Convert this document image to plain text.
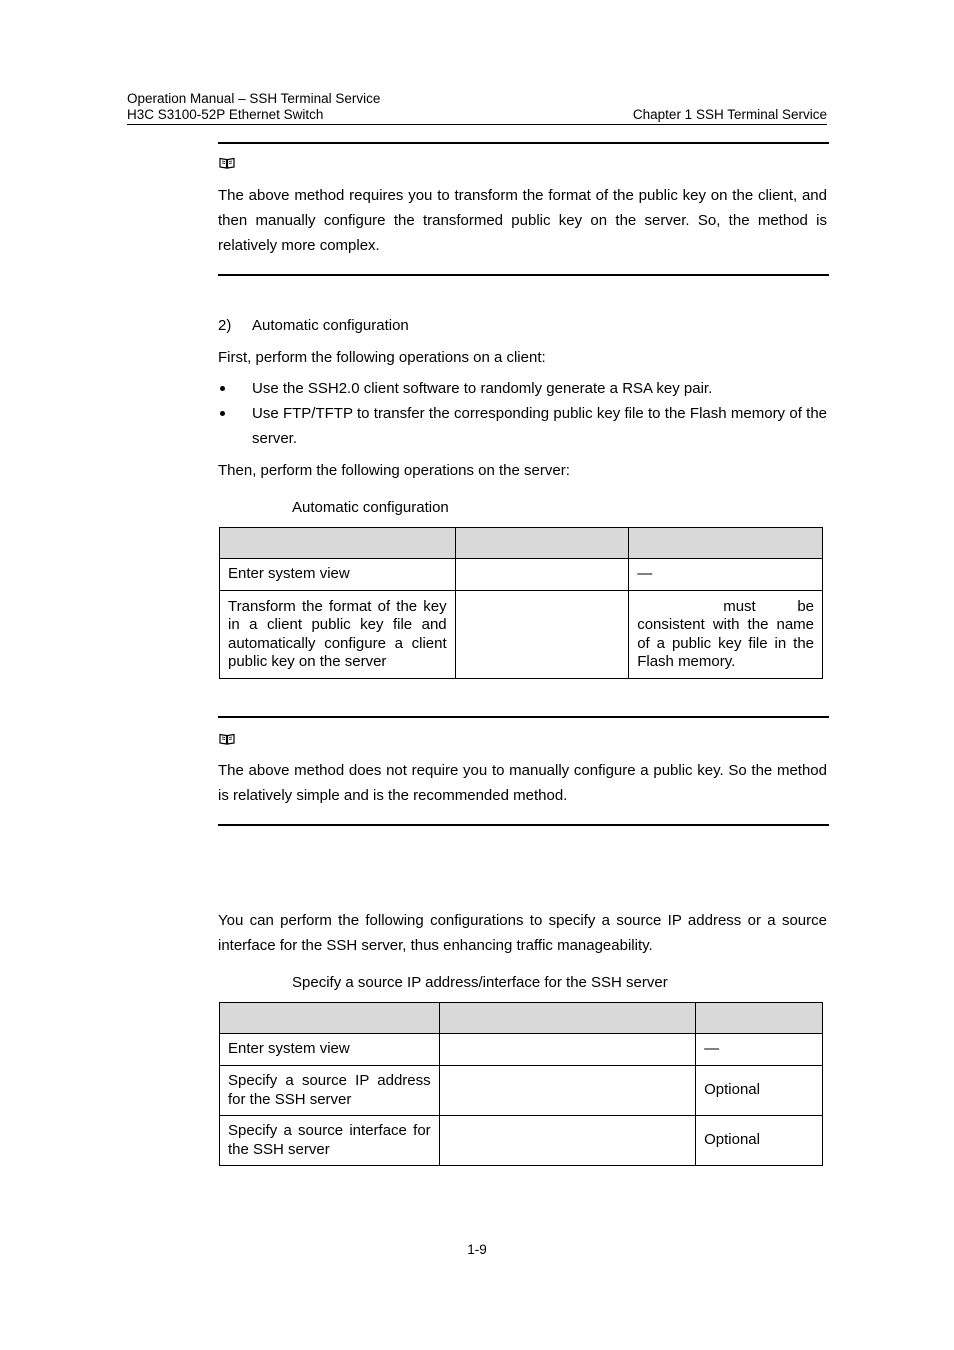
Operation Manual – SSH Terminal Service
H3C S3100-52P Ethernet Switch	Chapter 1 SSH Terminal Service
The above method requires you to transform the format of the public key on the client, and then manually configure the transformed public key on the server. So, the method is relatively more complex.
2) Automatic configuration
First, perform the following operations on a client:
Use the SSH2.0 client software to randomly generate a RSA key pair.
Use FTP/TFTP to transfer the corresponding public key file to the Flash memory of the server.
Then, perform the following operations on the server:
Automatic configuration

Enter system view		—
Transform the format of the key in a client public key file and automatically configure a client public key on the server		must be consistent with the name of a public key file in the Flash memory.
The above method does not require you to manually configure a public key. So the method is relatively simple and is the recommended method.
You can perform the following configurations to specify a source IP address or a source interface for the SSH server, thus enhancing traffic manageability.
Specify a source IP address/interface for the SSH server

Enter system view		—
Specify a source IP address for the SSH server		Optional
Specify a source interface for the SSH server		Optional
1-9
